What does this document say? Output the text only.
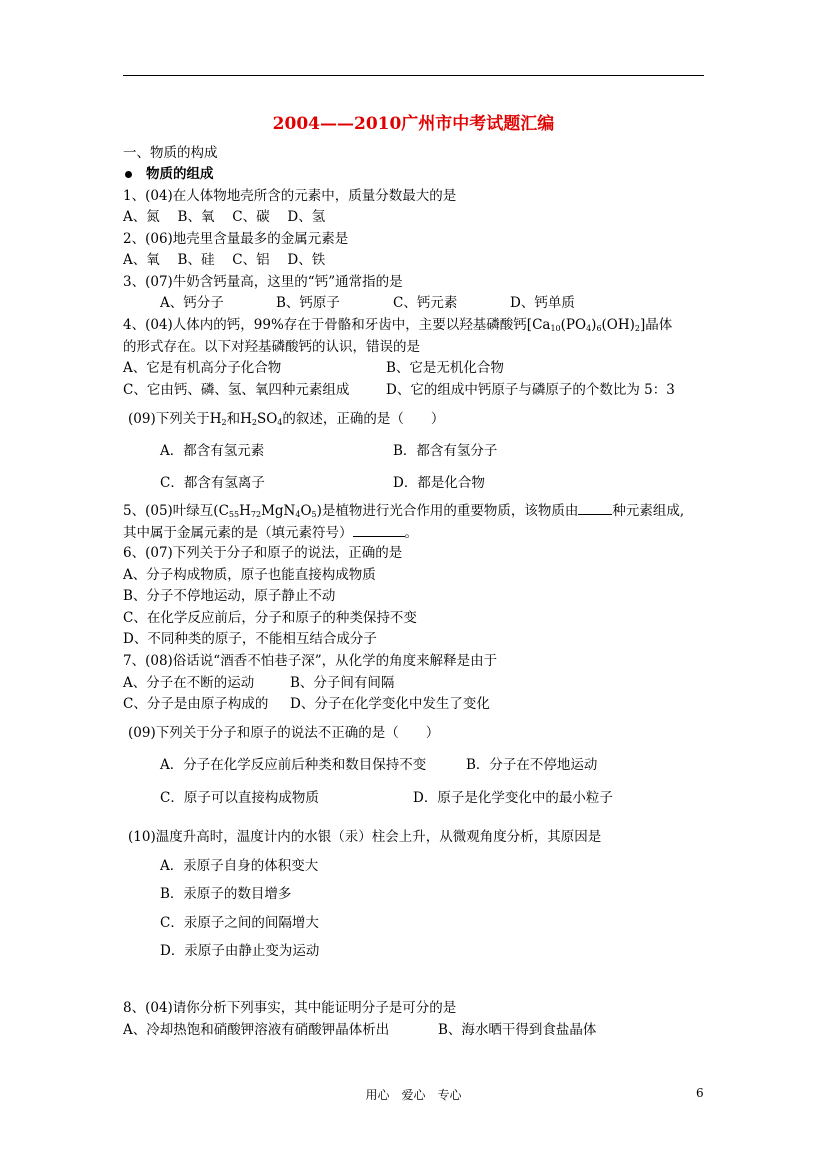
2004——2010广州市中考试题汇编
一、物质的构成
物质的组成
1、(04)在人体物地壳所含的元素中，质量分数最大的是
A、氮　 B、氧　 C、碳　 D、氢
2、(06)地壳里含量最多的金属元素是
A、氧　 B、硅　 C、铝　 D、铁
3、(07)牛奶含钙量高，这里的“钙”通常指的是
A、钙分子	B、钙原子	C、钙元素	D、钙单质
4、(04)人体内的钙，99%存在于骨骼和牙齿中，主要以羟基磷酸钙$[Ca_{10}(PO_4)_6(OH)_2]$晶体
的形式存在。以下对羟基磷酸钙的认识，错误的是
A、它是有机高分子化合物	B、它是无机化合物
C、它由钙、磷、氢、氧四种元素组成	D、它的组成中钙原子与磷原子的个数比为 5：3
(09)下列关于$H_2$和$H_2SO_4$的叙述，正确的是（　　）
A．都含有氢元素	B．都含有氢分子
C．都含有氢离子	D．都是化合物
5、(05)叶绿互$(C_{55}H_{72}MgN_4O_5)$是植物进行光合作用的重要物质，该物质由	种元素组成,
其中属于金属元素的是（填元素符号）	。
6、(07)下列关于分子和原子的说法，正确的是
A、分子构成物质，原子也能直接构成物质
B、分子不停地运动，原子静止不动
C、在化学反应前后，分子和原子的种类保持不变
D、不同种类的原子，不能相互结合成分子
7、(08)俗话说“酒香不怕巷子深”，从化学的角度来解释是由于
A、分子在不断的运动	B、分子间有间隔
C、分子是由原子构成的 D、分子在化学变化中发生了变化
(09)下列关于分子和原子的说法不正确的是（　　）
A．分子在化学反应前后种类和数目保持不变	B．分子在不停地运动
C．原子可以直接构成物质	D．原子是化学变化中的最小粒子
(10)温度升高时，温度计内的水银（汞）柱会上升，从微观角度分析，其原因是
A．汞原子自身的体积变大
B．汞原子的数目增多
C．汞原子之间的间隔增大
D．汞原子由静止变为运动
8、(04)请你分析下列事实，其中能证明分子是可分的是
A、冷却热饱和硝酸钾溶液有硝酸钾晶体析出	B、海水晒干得到食盐晶体
用心　爱心　专心	6
